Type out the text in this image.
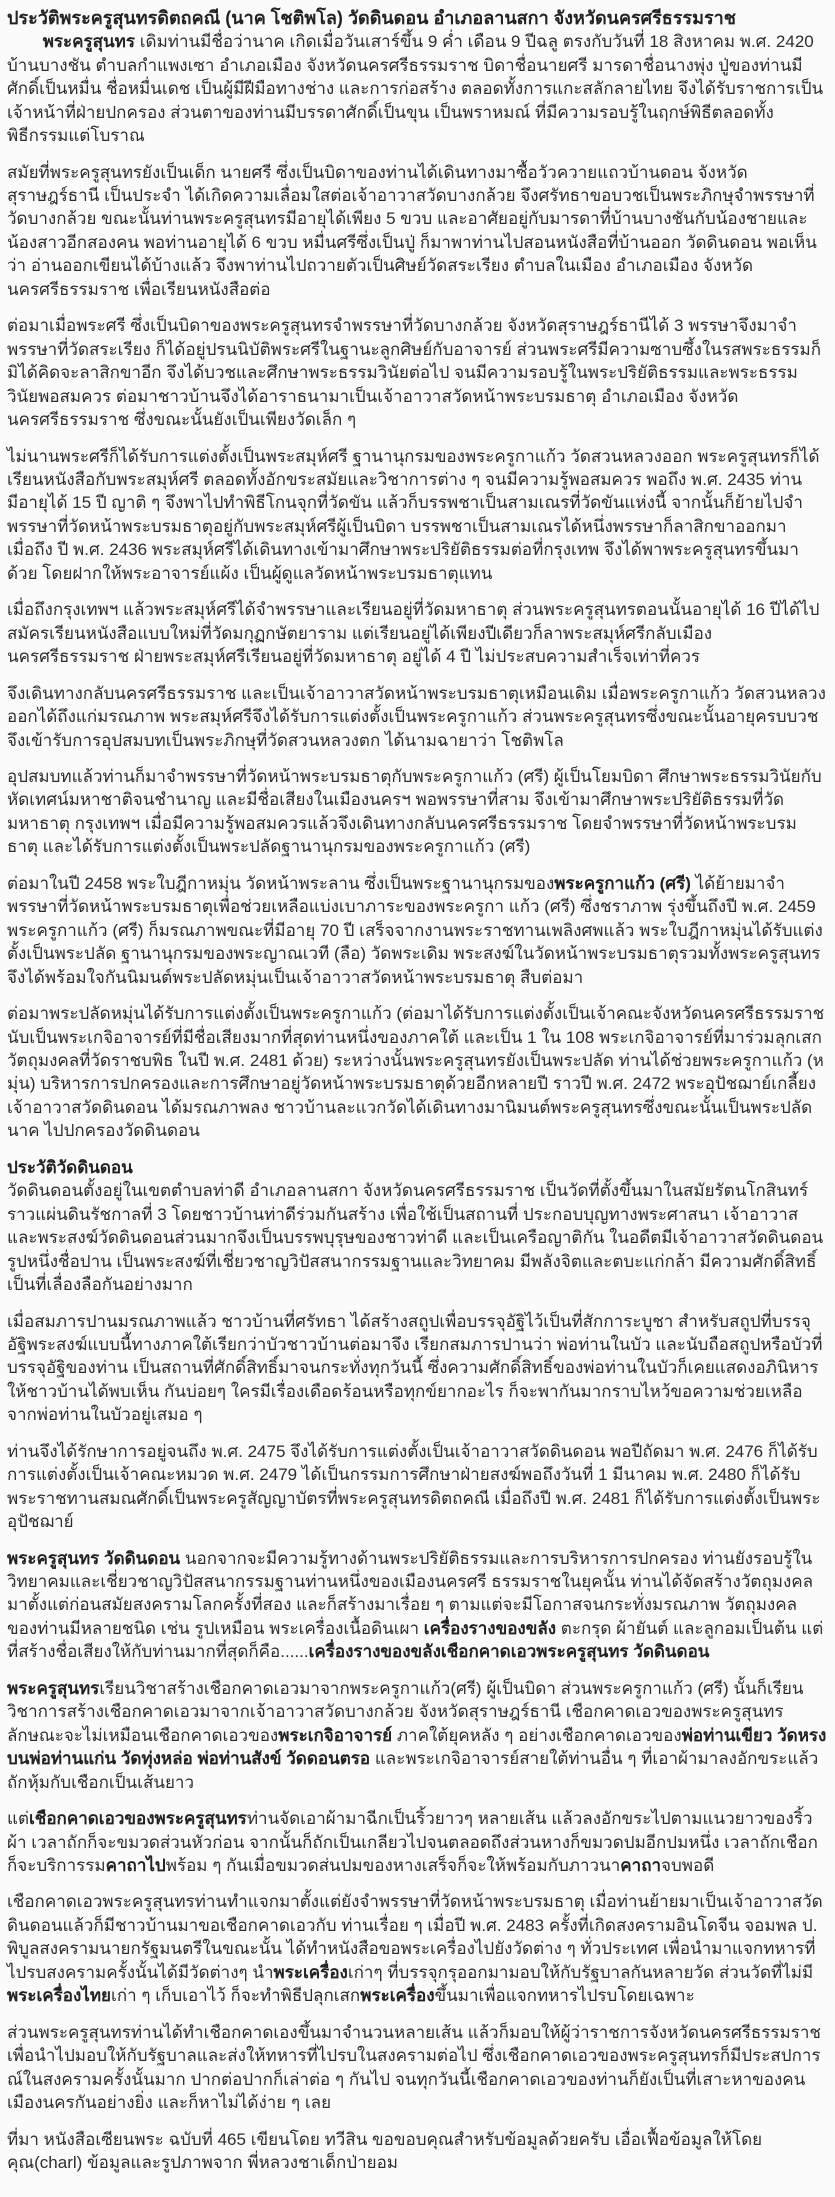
ประวัติพระครูสุนทรดิตถคณี (นาค โชติพโล) วัดดินดอน อำเภอลานสกา จังหวัดนครศรีธรรมราช

พระครูสุนทร เดิมท่านมีชื่อว่านาค เกิดเมื่อวันเสาร์ขึ้น 9 ค่ำ เดือน 9 ปีฉลู ตรงกับวันที่ 18 สิงหาคม พ.ศ. 2420 บ้านบางชัน ตำบลกำแพงเซา อำเภอเมือง จังหวัดนครศรีธรรมราช บิดาชื่อนายศรี มารดาชื่อนางพุ่ง ปู่ของท่านมีศักดิ์เป็นหมื่น ชื่อหมื่นเดช เป็นผู้มีฝีมือทางช่าง และการก่อสร้าง ตลอดทั้งการแกะสลักลายไทย จึงได้รับราชการเป็นเจ้าหน้าที่ฝ่ายปกครอง ส่วนตาของท่านมีบรรดาศักดิ์เป็นขุน เป็นพราหมณ์ ที่มีความรอบรู้ในฤกษ์พิธีตลอดทั้งพิธีกรรมแต่โบราณ

สมัยที่พระครูสุนทรยังเป็นเด็ก นายศรี ซึ่งเป็นบิดาของท่านได้เดินทางมาซื้อวัวควายแถวบ้านดอน จังหวัดสุราษฎร์ธานี เป็นประจำ ได้เกิดความเลื่อมใสต่อเจ้าอาวาสวัดบางกล้วย จึงศรัทธาขอบวชเป็นพระภิกษุจำพรรษาที่วัดบางกล้วย ขณะนั้นท่านพระครูสุนทรมีอายุได้เพียง 5 ขวบ และอาศัยอยู่กับมารดาที่บ้านบางชันกับน้องชายและน้องสาวอีกสองคน พอท่านอายุได้ 6 ขวบ หมื่นศรีซึ่งเป็นปู่ ก็มาพาท่านไปสอนหนังสือที่บ้านออก วัดดินดอน พอเห็นว่า อ่านออกเขียนได้บ้างแล้ว จึงพาท่านไปถวายตัวเป็นศิษย์วัดสระเรียง ตำบลในเมือง อำเภอเมือง จังหวัดนครศรีธรรมราช เพื่อเรียนหนังสือต่อ

ต่อมาเมื่อพระศรี ซึ่งเป็นบิดาของพระครูสุนทรจำพรรษาที่วัดบางกล้วย จังหวัดสุราษฎร์ธานีได้ 3 พรรษาจึงมาจำพรรษาที่วัดสระเรียง ก็ได้อยู่ปรนนิบัติพระศรีในฐานะลูกศิษย์กับอาจารย์ ส่วนพระศรีมีความซาบซึ้งในรสพระธรรมก็มิได้คิดจะลาสิกขาอีก จึงได้บวชและศึกษาพระธรรมวินัยต่อไป จนมีความรอบรู้ในพระปริยัติธรรมและพระธรรมวินัยพอสมควร ต่อมาชาวบ้านจึงได้อาราธนามาเป็นเจ้าอาวาสวัดหน้าพระบรมธาตุ อำเภอเมือง จังหวัดนครศรีธรรมราช ซึ่งขณะนั้นยังเป็นเพียงวัดเล็ก ๆ

ไม่นานพระศรีก็ได้รับการแต่งตั้งเป็นพระสมุห์ศรี ฐานานุกรมของพระครูกาแก้ว วัดสวนหลวงออก พระครูสุนทรก็ได้เรียนหนังสือกับพระสมุห์ศรี ตลอดทั้งอักขระสมัยและวิชาการต่าง ๆ จนมีความรู้พอสมควร พอถึง พ.ศ. 2435 ท่านมีอายุได้ 15 ปี ญาติ ๆ จึงพาไปทำพิธีโกนจุกที่วัดขัน แล้วก็บรรพชาเป็นสามเณรที่วัดขันแห่งนี้ จากนั้นก็ย้ายไปจำพรรษาที่วัดหน้าพระบรมธาตุอยู่กับพระสมุห์ศรีผู้เป็นบิดา บรรพชาเป็นสามเณรได้หนึ่งพรรษาก็ลาสิกขาออกมา
เมื่อถึง ปี พ.ศ. 2436 พระสมุห์ศรีได้เดินทางเข้ามาศึกษาพระปริยัติธรรมต่อที่กรุงเทพ จึงได้พาพระครูสุนทรขึ้นมาด้วย โดยฝากให้พระอาจารย์แผ้ง เป็นผู้ดูแลวัดหน้าพระบรมธาตุแทน

เมื่อถึงกรุงเทพฯ แล้วพระสมุห์ศรีได้จำพรรษาและเรียนอยู่ที่วัดมหาธาตุ ส่วนพระครูสุนทรตอนนั้นอายุได้ 16 ปีได้ไปสมัครเรียนหนังสือแบบใหม่ที่วัดมกุฏกษัตยาราม แต่เรียนอยู่ได้เพียงปีเดียวก็ลาพระสมุห์ศรีกลับเมืองนครศรีธรรมราช ฝ่ายพระสมุห์ศรีเรียนอยู่ที่วัดมหาธาตุ อยู่ได้ 4 ปี ไม่ประสบความสำเร็จเท่าที่ควร

จึงเดินทางกลับนครศรีธรรมราช และเป็นเจ้าอาวาสวัดหน้าพระบรมธาตุเหมือนเดิม เมื่อพระครูกาแก้ว วัดสวนหลวงออกได้ถึงแก่มรณภาพ พระสมุห์ศรีจึงได้รับการแต่งตั้งเป็นพระครูกาแก้ว ส่วนพระครูสุนทรซึ่งขณะนั้นอายุครบบวช จึงเข้ารับการอุปสมบทเป็นพระภิกษุที่วัดสวนหลวงตก ได้นามฉายาว่า โชติพโล

อุปสมบทแล้วท่านก็มาจำพรรษาที่วัดหน้าพระบรมธาตุกับพระครูกาแก้ว (ศรี) ผู้เป็นโยมบิดา ศึกษาพระธรรมวินัยกับหัดเทศน์มหาชาติจนชำนาญ และมีชื่อเสียงในเมืองนครฯ พอพรรษาที่สาม จึงเข้ามาศึกษาพระปริยัติธรรมที่วัดมหาธาตุ กรุงเทพฯ เมื่อมีความรู้พอสมควรแล้วจึงเดินทางกลับนครศรีธรรมราช โดยจำพรรษาที่วัดหน้าพระบรมธาตุ และได้รับการแต่งตั้งเป็นพระปลัดฐานานุกรมของพระครูกาแก้ว (ศรี)

ต่อมาในปี 2458 พระใบฎีกาหมุ่น วัดหน้าพระลาน ซึ่งเป็นพระฐานานุกรมของพระครูกาแก้ว (ศรี) ได้ย้ายมาจำพรรษาที่วัดหน้าพระบรมธาตุเพื่อช่วยเหลือแบ่งเบาภาระของพระครูกา แก้ว (ศรี) ซึ่งชราภาพ รุ่งขึ้นถึงปี พ.ศ. 2459 พระครูกาแก้ว (ศรี) ก็มรณภาพขณะที่มีอายุ 70 ปี เสร็จจากงานพระราชทานเพลิงศพแล้ว พระใบฎีกาหมุ่นได้รับแต่งตั้งเป็นพระปลัด ฐานานุกรมของพระญาณเวที (ลือ) วัดพระเดิม พระสงฆ์ในวัดหน้าพระบรมธาตุรวมทั้งพระครูสุนทร จึงได้พร้อมใจกันนิมนต์พระปลัดหมุ่นเป็นเจ้าอาวาสวัดหน้าพระบรมธาตุ สืบต่อมา

ต่อมาพระปลัดหมุ่นได้รับการแต่งตั้งเป็นพระครูกาแก้ว (ต่อมาได้รับการแต่งตั้งเป็นเจ้าคณะจังหวัดนครศรีธรรมราช นับเป็นพระเกจิอาจารย์ที่มีชื่อเสียงมากที่สุดท่านหนึ่งของภาคใต้ และเป็น 1 ใน 108 พระเกจิอาจารย์ที่มาร่วมลุกเสกวัตถุมงคลที่วัดราชบพิธ ในปี พ.ศ. 2481 ด้วย) ระหว่างนั้นพระครูสุนทรยังเป็นพระปลัด ท่านได้ช่วยพระครูกาแก้ว (หมุ่น) บริหารการปกครองและการศึกษาอยู่วัดหน้าพระบรมธาตุด้วยอีกหลายปี ราวปี พ.ศ. 2472 พระอุปัชฌาย์เกลี้ยง เจ้าอาวาสวัดดินดอน ได้มรณภาพลง ชาวบ้านละแวกวัดได้เดินทางมานิมนต์พระครูสุนทรซึ่งขณะนั้นเป็นพระปลัดนาค ไปปกครองวัดดินดอน

ประวัติวัดดินดอน

วัดดินดอนตั้งอยู่ในเขตตำบลท่าดี อำเภอลานสกา จังหวัดนครศรีธรรมราช เป็นวัดที่ตั้งขึ้นมาในสมัยรัตนโกสินทร์ราวแผ่นดินรัชกาลที่ 3 โดยชาวบ้านท่าดีร่วมกันสร้าง เพื่อใช้เป็นสถานที่ ประกอบบุญทางพระศาสนา เจ้าอาวาสและพระสงฆ์วัดดินดอนส่วนมากจึงเป็นบรรพบุรุษของชาวท่าดี และเป็นเครือญาติกัน ในอดีตมีเจ้าอาวาสวัดดินดอนรูปหนึ่งชื่อปาน เป็นพระสงฆ์ที่เชี่ยวชาญวิปัสสนากรรมฐานและวิทยาคม มีพลังจิตและตบะแก่กล้า มีความศักดิ์สิทธิ์เป็นที่เลื่องลือกันอย่างมาก

เมื่อสมภารปานมรณภาพแล้ว ชาวบ้านที่ศรัทธา ได้สร้างสถูปเพื่อบรรจุอัฐิไว้เป็นที่สักการะบูชา สำหรับสถูปที่บรรจุอัฐิพระสงฆ์แบบนี้ทางภาคใต้เรียกว่าบัวชาวบ้านต่อมาจึง เรียกสมภารปานว่า พ่อท่านในบัว และนับถือสถูปหรือบัวที่บรรจุอัฐิของท่าน เป็นสถานที่ศักดิ์สิทธิ์มาจนกระทั่งทุกวันนี้ ซึ่งความศักดิ์สิทธิ์ของพ่อท่านในบัวก็เคยแสดงอภินิหารให้ชาวบ้านได้พบเห็น กันบ่อยๆ ใครมีเรื่องเดือดร้อนหรือทุกข์ยากอะไร ก็จะพากันมากราบไหว้ขอความช่วยเหลือจากพ่อท่านในบัวอยู่เสมอ ๆ

ท่านจึงได้รักษาการอยู่จนถึง พ.ศ. 2475 จึงได้รับการแต่งตั้งเป็นเจ้าอาวาสวัดดินดอน พอปีถัดมา พ.ศ. 2476 ก็ได้รับการแต่งตั้งเป็นเจ้าคณะหมวด พ.ศ. 2479 ได้เป็นกรรมการศึกษาฝ่ายสงฆ์พอถึงวันที่ 1 มีนาคม พ.ศ. 2480 ก็ได้รับพระราชทานสมณศักดิ์เป็นพระครูสัญญาบัตรที่พระครูสุนทรดิตถคณี เมื่อถึงปี พ.ศ. 2481 ก็ได้รับการแต่งตั้งเป็นพระอุปัชฌาย์

พระครูสุนทร วัดดินดอน นอกจากจะมีความรู้ทางด้านพระปริยัติธรรมและการบริหารการปกครอง ท่านยังรอบรู้ในวิทยาคมและเชี่ยวชาญวิปัสสนากรรมฐานท่านหนึ่งของเมืองนครศรี ธรรมราชในยุคนั้น ท่านได้จัดสร้างวัตถุมงคลมาตั้งแต่ก่อนสมัยสงครามโลกครั้งที่สอง และก็สร้างมาเรื่อย ๆ ตามแต่จะมีโอกาสจนกระทั่งมรณภาพ วัตถุมงคลของท่านมีหลายชนิด เช่น รูปเหมือน พระเครื่องเนื้อดินเผา เครื่องรางของขลัง ตะกรุด ผ้ายันต์ และลูกอมเป็นต้น แต่ที่สร้างชื่อเสียงให้กับท่านมากที่สุดก็คือ......เครื่องรางของขลังเชือกคาดเอวพระครูสุนทร วัดดินดอน

พระครูสุนทรเรียนวิชาสร้างเชือกคาดเอวมาจากพระครูกาแก้ว(ศรี) ผู้เป็นบิดา ส่วนพระครูกาแก้ว (ศรี) นั้นก็เรียนวิชาการสร้างเชือกคาดเอวมาจากเจ้าอาวาสวัดบางกล้วย จังหวัดสุราษฎร์ธานี เชือกคาดเอวของพระครูสุนทร ลักษณะจะไม่เหมือนเชือกคาดเอวของพระเกจิอาจารย์ ภาคใต้ยุคหลัง ๆ อย่างเชือกคาดเอวของพ่อท่านเขียว วัดหรงบนพ่อท่านแก่น วัดทุ่งหล่อ พ่อท่านสังข์ วัดดอนตรอ และพระเกจิอาจารย์สายใต้ท่านอื่น ๆ ที่เอาผ้ามาลงอักขระแล้วถักหุ้มกับเชือกเป็นเส้นยาว

แต่เชือกคาดเอวของพระครูสุนทรท่านจัดเอาผ้ามาฉีกเป็นริ้วยาวๆ หลายเส้น แล้วลงอักขระไปตามแนวยาวของริ้วผ้า เวลาถักก็จะขมวดส่วนหัวก่อน จากนั้นก็ถักเป็นเกลียวไปจนตลอดถึงส่วนหางก็ขมวดปมอีกปมหนึ่ง เวลาถักเชือกก็จะบริการรมคาถาไปพร้อม ๆ กันเมื่อขมวดส่นปมของหางเสร็จก็จะให้พร้อมกับภาวนาคาถาจบพอดี

เชือกคาดเอวพระครูสุนทรท่านทำแจกมาตั้งแต่ยังจำพรรษาที่วัดหน้าพระบรมธาตุ เมื่อท่านย้ายมาเป็นเจ้าอาวาสวัดดินดอนแล้วก็มีชาวบ้านมาขอเชือกคาดเอวกับ ท่านเรื่อย ๆ เมื่อปี พ.ศ. 2483 ครั้งที่เกิดสงครามอินโดจีน จอมพล ป. พิบูลสงครามนายกรัฐมนตรีในขณะนั้น ได้ทำหนังสือขอพระเครื่องไปยังวัดต่าง ๆ ทั่วประเทศ เพื่อนำมาแจกทหารที่ไปรบสงครามครั้งนั้นได้มีวัดต่างๆ นำพระเครื่องเก่าๆ ที่บรรจุกรุออกมามอบให้กับรัฐบาลกันหลายวัด ส่วนวัดที่ไม่มีพระเครื่องไทยเก่า ๆ เก็บเอาไว้ ก็จะทำพิธีปลุกเสกพระเครื่องขึ้นมาเพื่อแจกทหารไปรบโดยเฉพาะ

ส่วนพระครูสุนทรท่านได้ทำเชือกคาดเองขึ้นมาจำนวนหลายเส้น แล้วก็มอบให้ผู้ว่าราชการจังหวัดนครศรีธรรมราช เพื่อนำไปมอบให้กับรัฐบาลและส่งให้ทหารที่ไปรบในสงครามต่อไป ซึ่งเชือกคาดเอวของพระครูสุนทรก็มีประสปการณ์ในสงครามครั้งนั้นมาก ปากต่อปากก็เล่าต่อ ๆ กันไป จนทุกวันนี้เชือกคาดเอวของท่านก็ยังเป็นที่เสาะหาของคนเมืองนครกันอย่างยิ่ง และก็หาไม่ได้ง่าย ๆ เลย

ที่มา หนังสือเซียนพระ ฉบับที่ 465 เขียนโดย ทวีสิน ขอขอบคุณสำหรับข้อมูลด้วยครับ เอื่อเฟื้อข้อมูลให้โดย คุณ(charl) ข้อมูลและรูปภาพจาก พี่หลวงชาเด็กป่ายอม
